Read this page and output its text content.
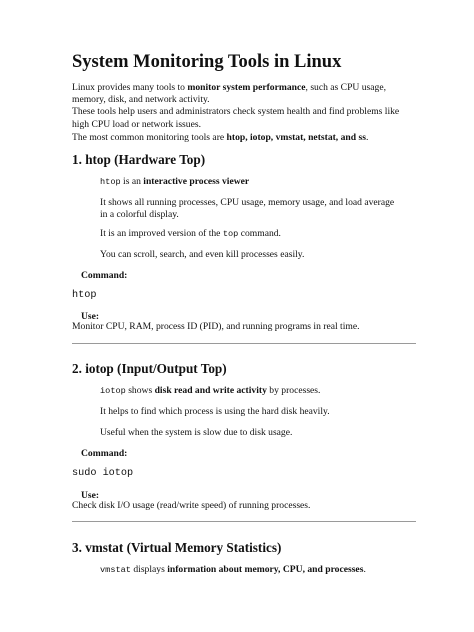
System Monitoring Tools in Linux
Linux provides many tools to monitor system performance, such as CPU usage,
memory, disk, and network activity.
These tools help users and administrators check system health and find problems like
high CPU load or network issues.
The most common monitoring tools are htop, iotop, vmstat, netstat, and ss.
1. htop (Hardware Top)
htop is an interactive process viewer
It shows all running processes, CPU usage, memory usage, and load average
in a colorful display.
It is an improved version of the top command.
You can scroll, search, and even kill processes easily.
Command:
htop
Use:
Monitor CPU, RAM, process ID (PID), and running programs in real time.
2. iotop (Input/Output Top)
iotop shows disk read and write activity by processes.
It helps to find which process is using the hard disk heavily.
Useful when the system is slow due to disk usage.
Command:
sudo iotop
Use:
Check disk I/O usage (read/write speed) of running processes.
3. vmstat (Virtual Memory Statistics)
vmstat displays information about memory, CPU, and processes.
